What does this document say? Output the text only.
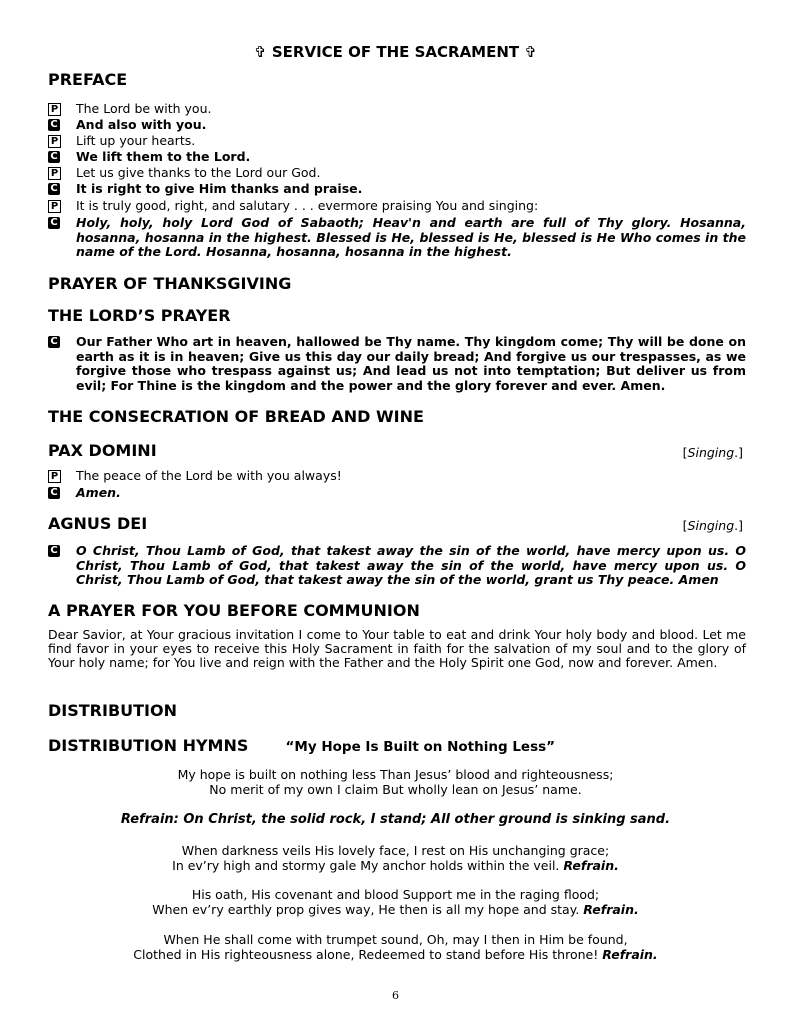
✞ SERVICE OF THE SACRAMENT ✞
PREFACE
P The Lord be with you.
C And also with you.
P Lift up your hearts.
C We lift them to the Lord.
P Let us give thanks to the Lord our God.
C It is right to give Him thanks and praise.
P It is truly good, right, and salutary . . . evermore praising You and singing:
C Holy, holy, holy Lord God of Sabaoth; Heav'n and earth are full of Thy glory. Hosanna, hosanna, hosanna in the highest. Blessed is He, blessed is He, blessed is He Who comes in the name of the Lord. Hosanna, hosanna, hosanna in the highest.
PRAYER OF THANKSGIVING
THE LORD’S PRAYER
C Our Father Who art in heaven, hallowed be Thy name. Thy kingdom come; Thy will be done on earth as it is in heaven; Give us this day our daily bread; And forgive us our trespasses, as we forgive those who trespass against us; And lead us not into temptation; But deliver us from evil; For Thine is the kingdom and the power and the glory forever and ever. Amen.
THE CONSECRATION OF BREAD AND WINE
PAX DOMINI	[Singing.]
P The peace of the Lord be with you always!
C Amen.
AGNUS DEI	[Singing.]
C O Christ, Thou Lamb of God, that takest away the sin of the world, have mercy upon us. O Christ, Thou Lamb of God, that takest away the sin of the world, have mercy upon us. O Christ, Thou Lamb of God, that takest away the sin of the world, grant us Thy peace. Amen
A PRAYER FOR YOU BEFORE COMMUNION
Dear Savior, at Your gracious invitation I come to Your table to eat and drink Your holy body and blood. Let me find favor in your eyes to receive this Holy Sacrament in faith for the salvation of my soul and to the glory of Your holy name; for You live and reign with the Father and the Holy Spirit one God, now and forever. Amen.
DISTRIBUTION
DISTRIBUTION HYMNS	“My Hope Is Built on Nothing Less”
My hope is built on nothing less Than Jesus’ blood and righteousness;
No merit of my own I claim But wholly lean on Jesus’ name.
Refrain: On Christ, the solid rock, I stand; All other ground is sinking sand.
When darkness veils His lovely face, I rest on His unchanging grace;
In ev’ry high and stormy gale My anchor holds within the veil. Refrain.
His oath, His covenant and blood Support me in the raging flood;
When ev’ry earthly prop gives way, He then is all my hope and stay. Refrain.
When He shall come with trumpet sound, Oh, may I then in Him be found,
Clothed in His righteousness alone, Redeemed to stand before His throne! Refrain.
6
